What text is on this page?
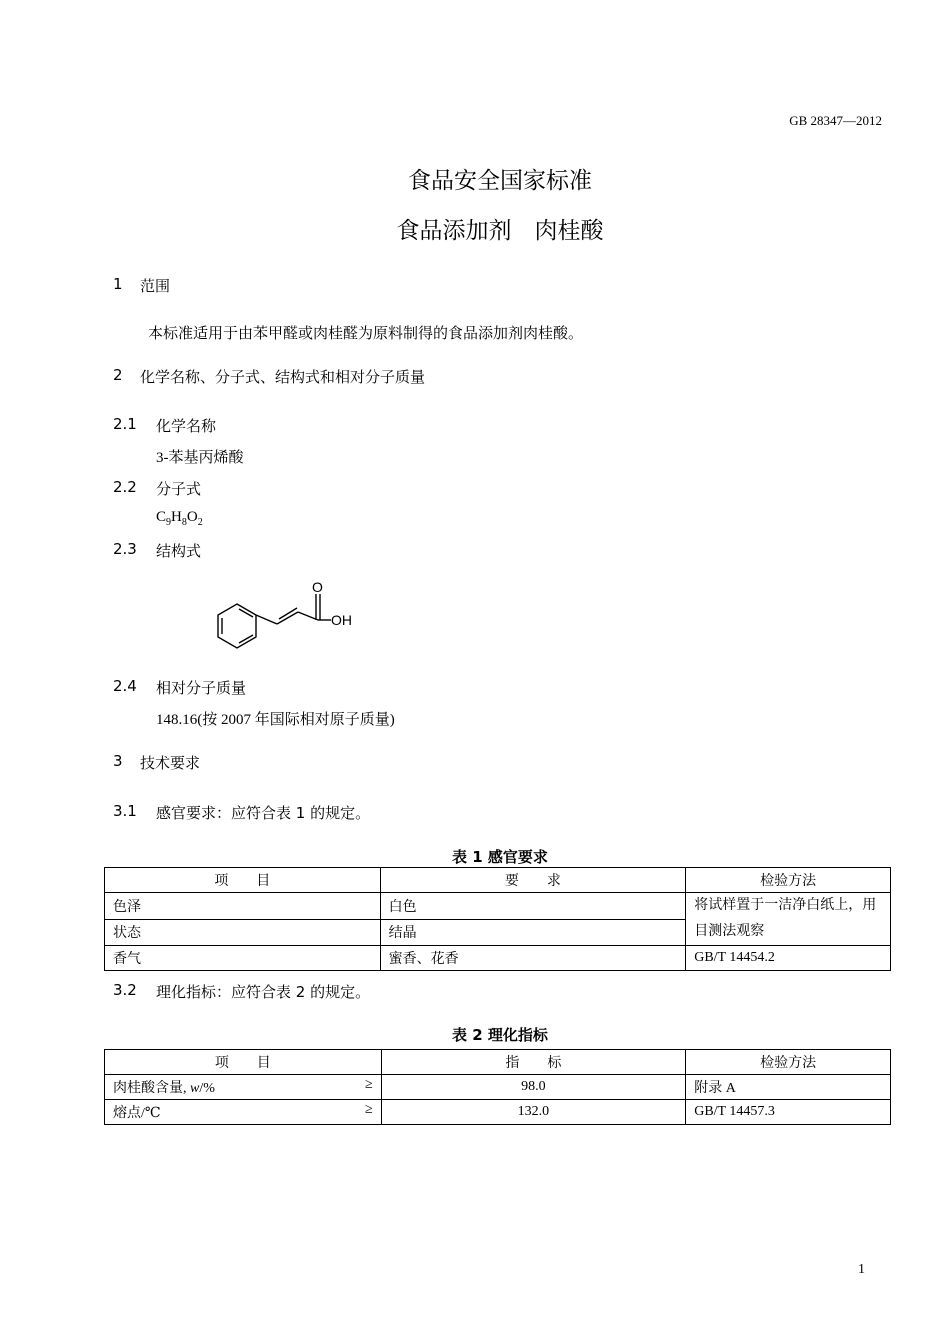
GB 28347—2012
食品安全国家标准
食品添加剂　肉桂酸
1 范围
本标准适用于由苯甲醛或肉桂醛为原料制得的食品添加剂肉桂酸。
2 化学名称、分子式、结构式和相对分子质量
2.1 化学名称
3-苯基丙烯酸
2.2 分子式
$C_9H_8O_2$
2.3 结构式
O
OH
2.4 相对分子质量
148.16(按 2007 年国际相对原子质量)
3 技术要求
3.1 感官要求：应符合表 1 的规定。
表 1 感官要求
项　　目	要　　求	检验方法
色泽	白色	将试样置于一洁净白纸上，用
目测法观察

状态	结晶	
香气	蜜香、花香	GB/T 14454.2
3.2 理化指标：应符合表 2 的规定。
表 2 理化指标
项　　目	指　　标	检验方法
肉桂酸含量, w/% ≥	98.0	附录 A
熔点/℃ ≥	132.0	GB/T 14457.3
1
